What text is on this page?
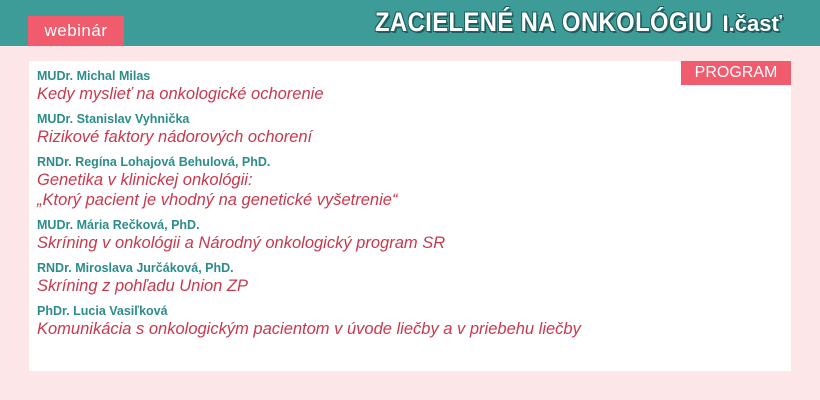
webinár	ZACIELENÉ NA ONKOLÓGIU I.časť
PROGRAM

MUDr. Michal Milas

Kedy myslieť na onkologické ochorenie

MUDr. Stanislav Vyhnička

Rizikové faktory nádorových ochorení

RNDr. Regína Lohajová Behulová, PhD.

Genetika v klinickej onkológii:

„Ktorý pacient je vhodný na genetické vyšetrenie“

MUDr. Mária Rečková, PhD.

Skríning v onkológii a Národný onkologický program SR

RNDr. Miroslava Jurčáková, PhD.

Skríning z pohľadu Union ZP

PhDr. Lucia Vasiľková

Komunikácia s onkologickým pacientom v úvode liečby a v priebehu liečby
